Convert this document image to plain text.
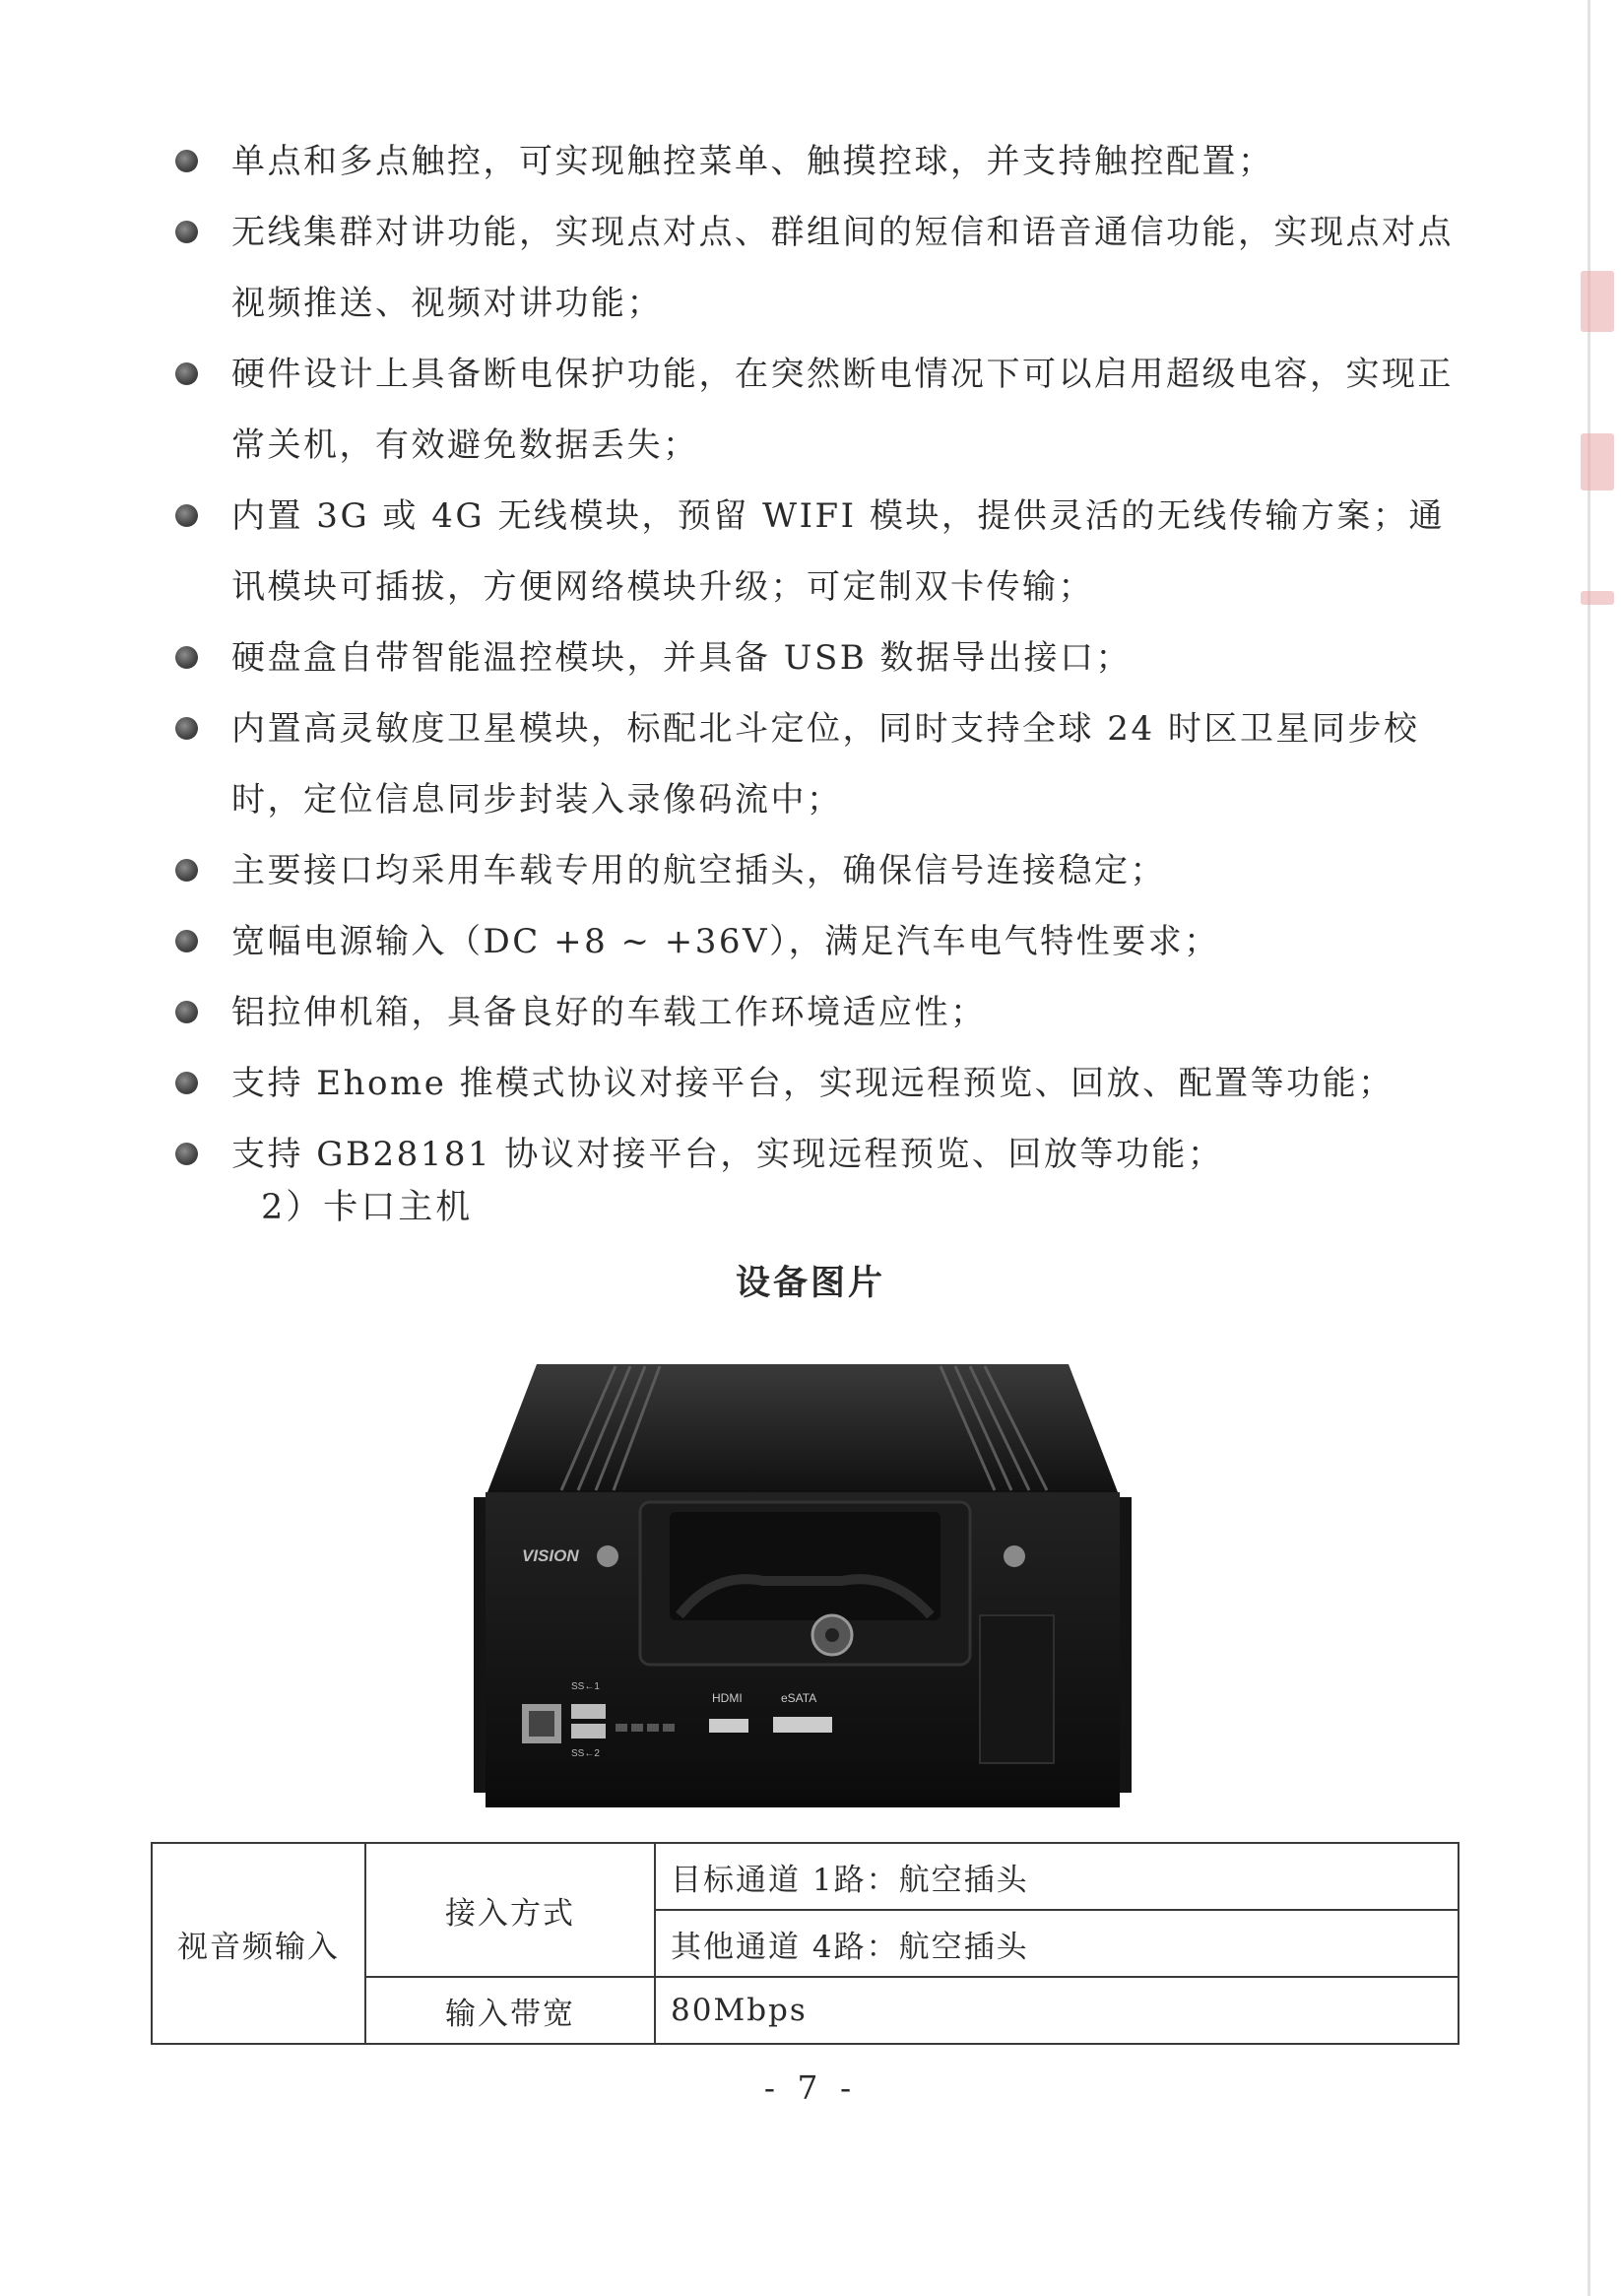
单点和多点触控，可实现触控菜单、触摸控球，并支持触控配置；
无线集群对讲功能，实现点对点、群组间的短信和语音通信功能，实现点对点视频推送、视频对讲功能；
硬件设计上具备断电保护功能，在突然断电情况下可以启用超级电容，实现正常关机，有效避免数据丢失；
内置 3G 或 4G 无线模块，预留 WIFI 模块，提供灵活的无线传输方案；通讯模块可插拔，方便网络模块升级；可定制双卡传输；
硬盘盒自带智能温控模块，并具备 USB 数据导出接口；
内置高灵敏度卫星模块，标配北斗定位，同时支持全球 24 时区卫星同步校时，定位信息同步封装入录像码流中；
主要接口均采用车载专用的航空插头，确保信号连接稳定；
宽幅电源输入（DC +8 ~ +36V），满足汽车电气特性要求；
铝拉伸机箱，具备良好的车载工作环境适应性；
支持 Ehome 推模式协议对接平台，实现远程预览、回放、配置等功能；
支持 GB28181 协议对接平台，实现远程预览、回放等功能；
2）卡口主机
设备图片
VISION
SS←1
SS←2
HDMI	eSATA
视音频输入	接入方式	目标通道 1路：航空插头
		其他通道 4路：航空插头
	输入带宽	80Mbps
- 7 -
